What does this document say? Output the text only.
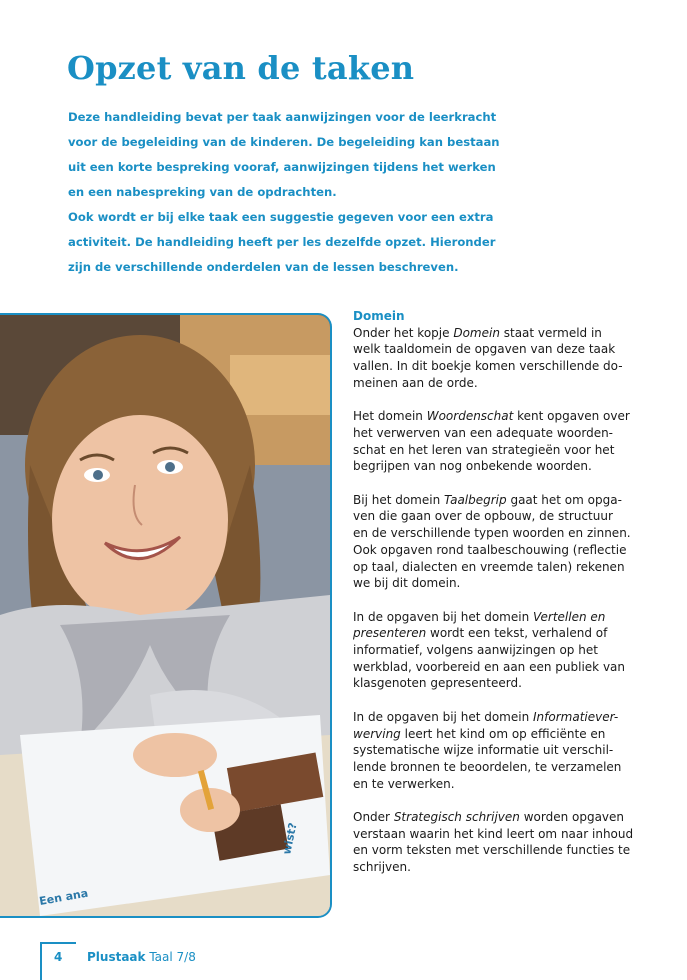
Opzet van de taken

Deze handleiding bevat per taak aanwijzingen voor de leerkracht

voor de begeleiding van de kinderen. De begeleiding kan bestaan

uit een korte bespreking vooraf, aanwijzingen tijdens het werken

en een nabespreking van de opdrachten.

Ook wordt er bij elke taak een suggestie gegeven voor een extra

activiteit. De handleiding heeft per les dezelfde opzet. Hieronder

zijn de verschillende onderdelen van de lessen beschreven.

wist?
Een ana

Domein

Onder het kopje Domein staat vermeld in

welk taaldomein de opgaven van deze taak

vallen. In dit boekje komen verschillende do-

meinen aan de orde.

Het domein Woordenschat kent opgaven over

het verwerven van een adequate woorden-

schat en het leren van strategieën voor het

begrijpen van nog onbekende woorden.

Bij het domein Taalbegrip gaat het om opga-

ven die gaan over de opbouw, de structuur

en de verschillende typen woorden en zinnen.

Ook opgaven rond taalbeschouwing (reflectie

op taal, dialecten en vreemde talen) rekenen

we bij dit domein.

In de opgaven bij het domein Vertellen en

presenteren wordt een tekst, verhalend of

informatief, volgens aanwijzingen op het

werkblad, voorbereid en aan een publiek van

klasgenoten gepresenteerd.

In de opgaven bij het domein Informatiever-

werving leert het kind om op efficiënte en

systematische wijze informatie uit verschil-

lende bronnen te beoordelen, te verzamelen

en te verwerken.

Onder Strategisch schrijven worden opgaven

verstaan waarin het kind leert om naar inhoud

en vorm teksten met verschillende functies te

schrijven.

4 Plustaak Taal 7/8
